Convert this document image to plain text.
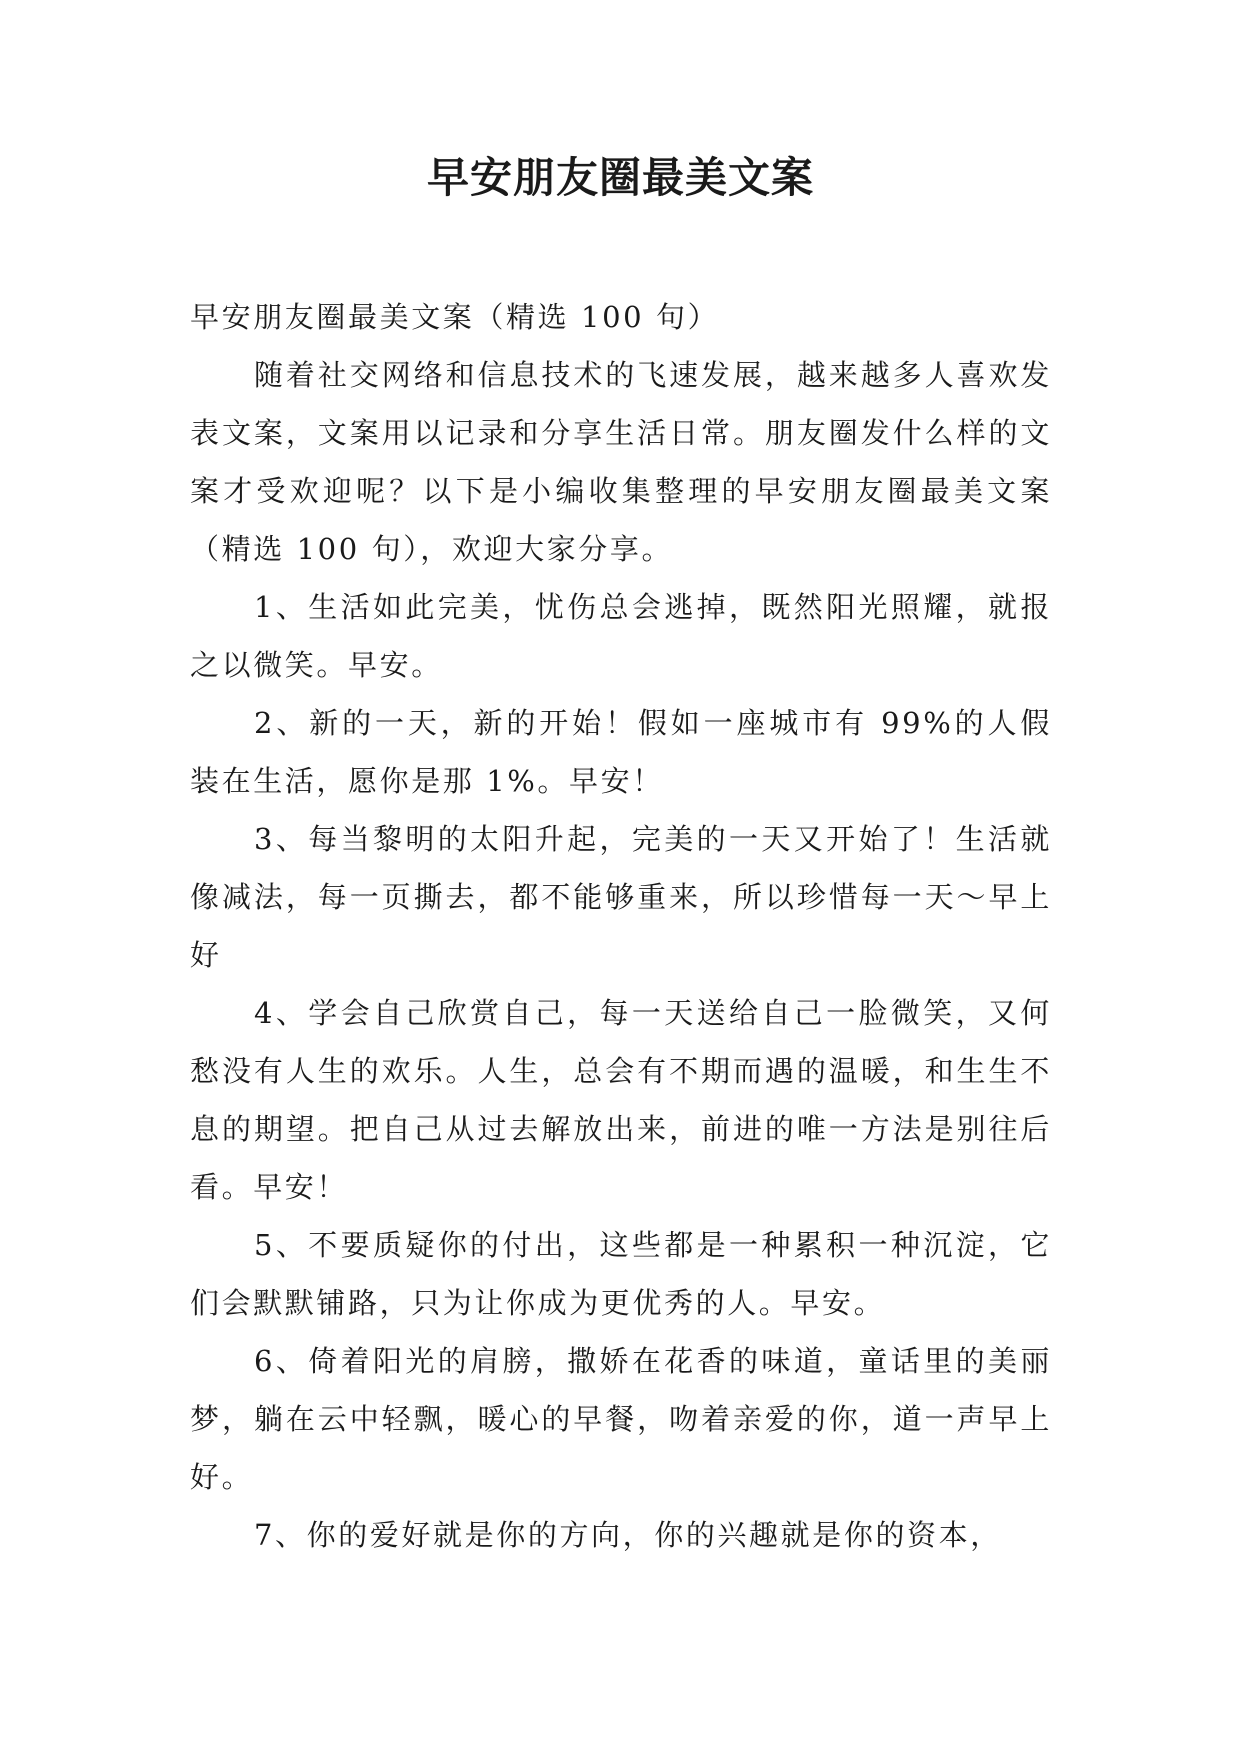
早安朋友圈最美文案

早安朋友圈最美文案（精选 100 句）

随着社交网络和信息技术的飞速发展，越来越多人喜欢发表文案，文案用以记录和分享生活日常。朋友圈发什么样的文案才受欢迎呢？以下是小编收集整理的早安朋友圈最美文案（精选 100 句），欢迎大家分享。

1、生活如此完美，忧伤总会逃掉，既然阳光照耀，就报之以微笑。早安。

2、新的一天，新的开始！假如一座城市有 99%的人假装在生活，愿你是那 1%。早安！

3、每当黎明的太阳升起，完美的一天又开始了！生活就像减法，每一页撕去，都不能够重来，所以珍惜每一天～早上好

4、学会自己欣赏自己，每一天送给自己一脸微笑，又何愁没有人生的欢乐。人生，总会有不期而遇的温暖，和生生不息的期望。把自己从过去解放出来，前进的唯一方法是别往后看。早安！

5、不要质疑你的付出，这些都是一种累积一种沉淀，它们会默默铺路，只为让你成为更优秀的人。早安。

6、倚着阳光的肩膀，撒娇在花香的味道，童话里的美丽梦，躺在云中轻飘，暖心的早餐，吻着亲爱的你，道一声早上好。

7、你的爱好就是你的方向，你的兴趣就是你的资本，
